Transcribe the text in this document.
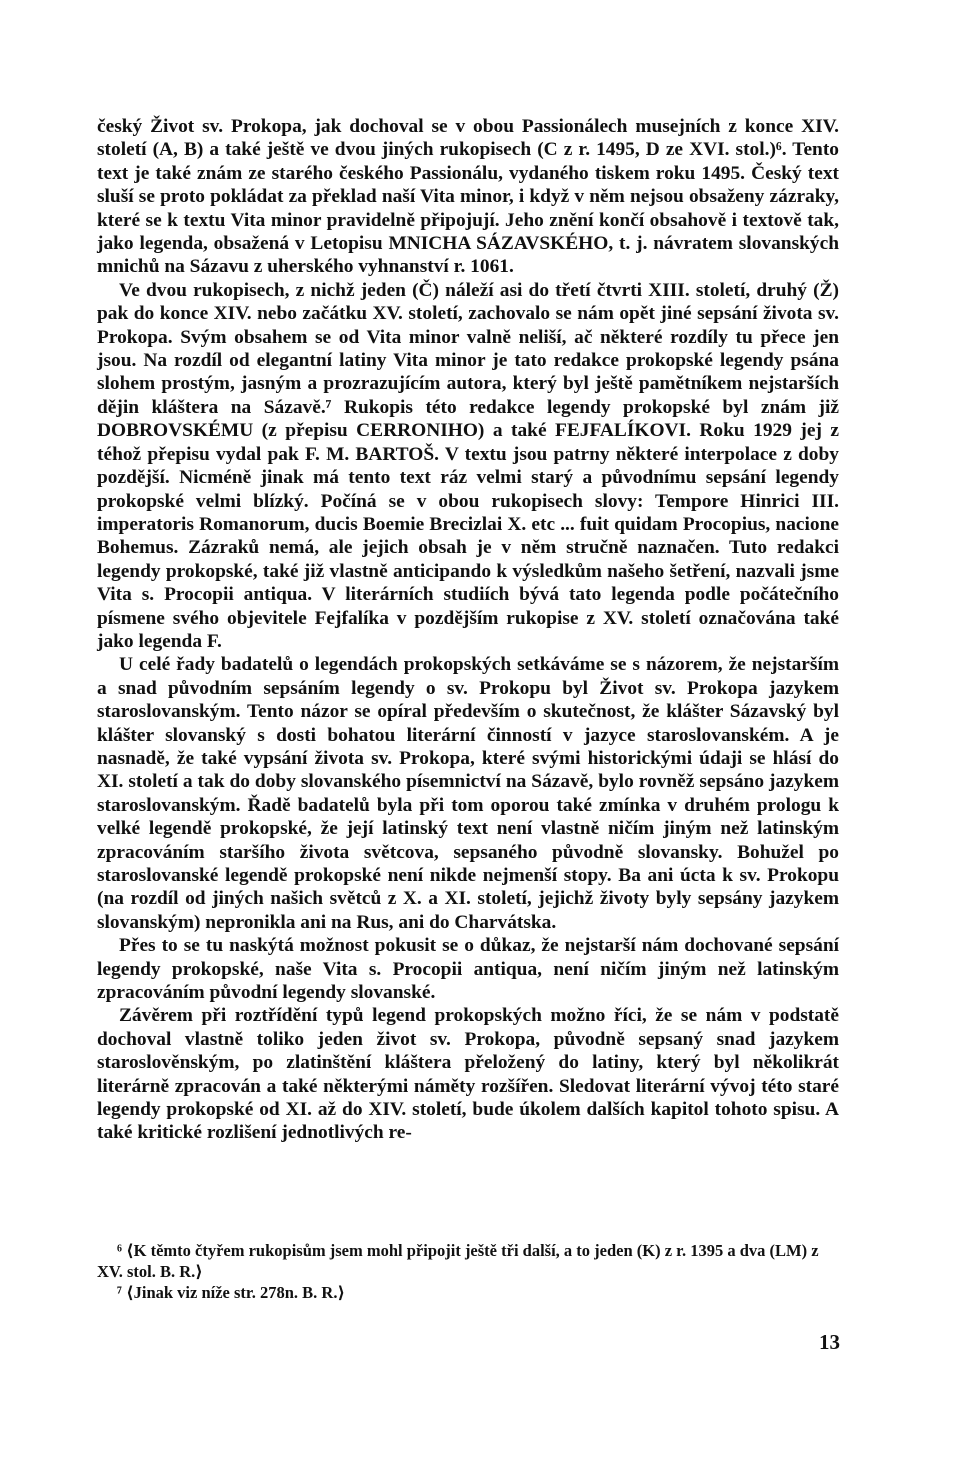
český Život sv. Prokopa, jak dochoval se v obou Passionálech musejních z konce XIV. století (A, B) a také ještě ve dvou jiných rukopisech (C z r. 1495, D ze XVI. stol.)⁶. Tento text je také znám ze starého českého Passionálu, vydaného tiskem roku 1495. Český text sluší se proto pokládat za překlad naší Vita minor, i když v něm nejsou obsaženy zázraky, které se k textu Vita minor pravidelně připojují. Jeho znění končí obsahově i textově tak, jako legenda, obsažená v Letopisu MNICHA SÁZAVSKÉHO, t. j. návratem slovanských mnichů na Sázavu z uherského vyhnanství r. 1061.

Ve dvou rukopisech, z nichž jeden (Č) náleží asi do třetí čtvrti XIII. století, druhý (Ž) pak do konce XIV. nebo začátku XV. století, zachovalo se nám opět jiné sepsání života sv. Prokopa. Svým obsahem se od Vita minor valně neliší, ač některé rozdíly tu přece jen jsou. Na rozdíl od elegantní latiny Vita minor je tato redakce prokopské legendy psána slohem prostým, jasným a prozrazujícím autora, který byl ještě pamětníkem nejstarších dějin kláštera na Sázavě.⁷ Rukopis této redakce legendy prokopské byl znám již DOBROVSKÉMU (z přepisu CERRONIHO) a také FEJFALÍKOVI. Roku 1929 jej z téhož přepisu vydal pak F. M. BARTOŠ. V textu jsou patrny některé interpolace z doby pozdější. Nicméně jinak má tento text ráz velmi starý a původnímu sepsání legendy prokopské velmi blízký. Počíná se v obou rukopisech slovy: Tempore Hinrici III. imperatoris Romanorum, ducis Boemie Brecizlai X. etc ... fuit quidam Procopius, nacione Bohemus. Zázraků nemá, ale jejich obsah je v něm stručně naznačen. Tuto redakci legendy prokopské, také již vlastně anticipando k výsledkům našeho šetření, nazvali jsme Vita s. Procopii antiqua. V literárních studiích bývá tato legenda podle počátečního písmene svého objevitele Fejfalíka v pozdějším rukopise z XV. století označována také jako legenda F.

U celé řady badatelů o legendách prokopských setkáváme se s názorem, že nejstarším a snad původním sepsáním legendy o sv. Prokopu byl Život sv. Prokopa jazykem staroslovanským. Tento názor se opíral především o skutečnost, že klášter Sázavský byl klášter slovanský s dosti bohatou literární činností v jazyce staroslovanském. A je nasnadě, že také vypsání života sv. Prokopa, které svými historickými údaji se hlásí do XI. století a tak do doby slovanského písemnictví na Sázavě, bylo rovněž sepsáno jazykem staroslovanským. Řadě badatelů byla při tom oporou také zmínka v druhém prologu k velké legendě prokopské, že její latinský text není vlastně ničím jiným než latinským zpracováním staršího života světcova, sepsaného původně slovansky. Bohužel po staroslovanské legendě prokopské není nikde nejmenší stopy. Ba ani úcta k sv. Prokopu (na rozdíl od jiných našich světců z X. a XI. století, jejichž životy byly sepsány jazykem slovanským) nepronikla ani na Rus, ani do Charvátska.

Přes to se tu naskýtá možnost pokusit se o důkaz, že nejstarší nám dochované sepsání legendy prokopské, naše Vita s. Procopii antiqua, není ničím jiným než latinským zpracováním původní legendy slovanské.

Závěrem při roztřídění typů legend prokopských možno říci, že se nám v podstatě dochoval vlastně toliko jeden život sv. Prokopa, původně sepsaný snad jazykem staroslověnským, po zlatinštění kláštera přeložený do latiny, který byl několikrát literárně zpracován a také některými náměty rozšířen. Sledovat literární vývoj této staré legendy prokopské od XI. až do XIV. století, bude úkolem dalších kapitol tohoto spisu. A také kritické rozlišení jednotlivých re-

⁶ ⟨K těmto čtyřem rukopisům jsem mohl připojit ještě tři další, a to jeden (K) z r. 1395 a dva (LM) z XV. stol. B. R.⟩

⁷ ⟨Jinak viz níže str. 278n. B. R.⟩

13
